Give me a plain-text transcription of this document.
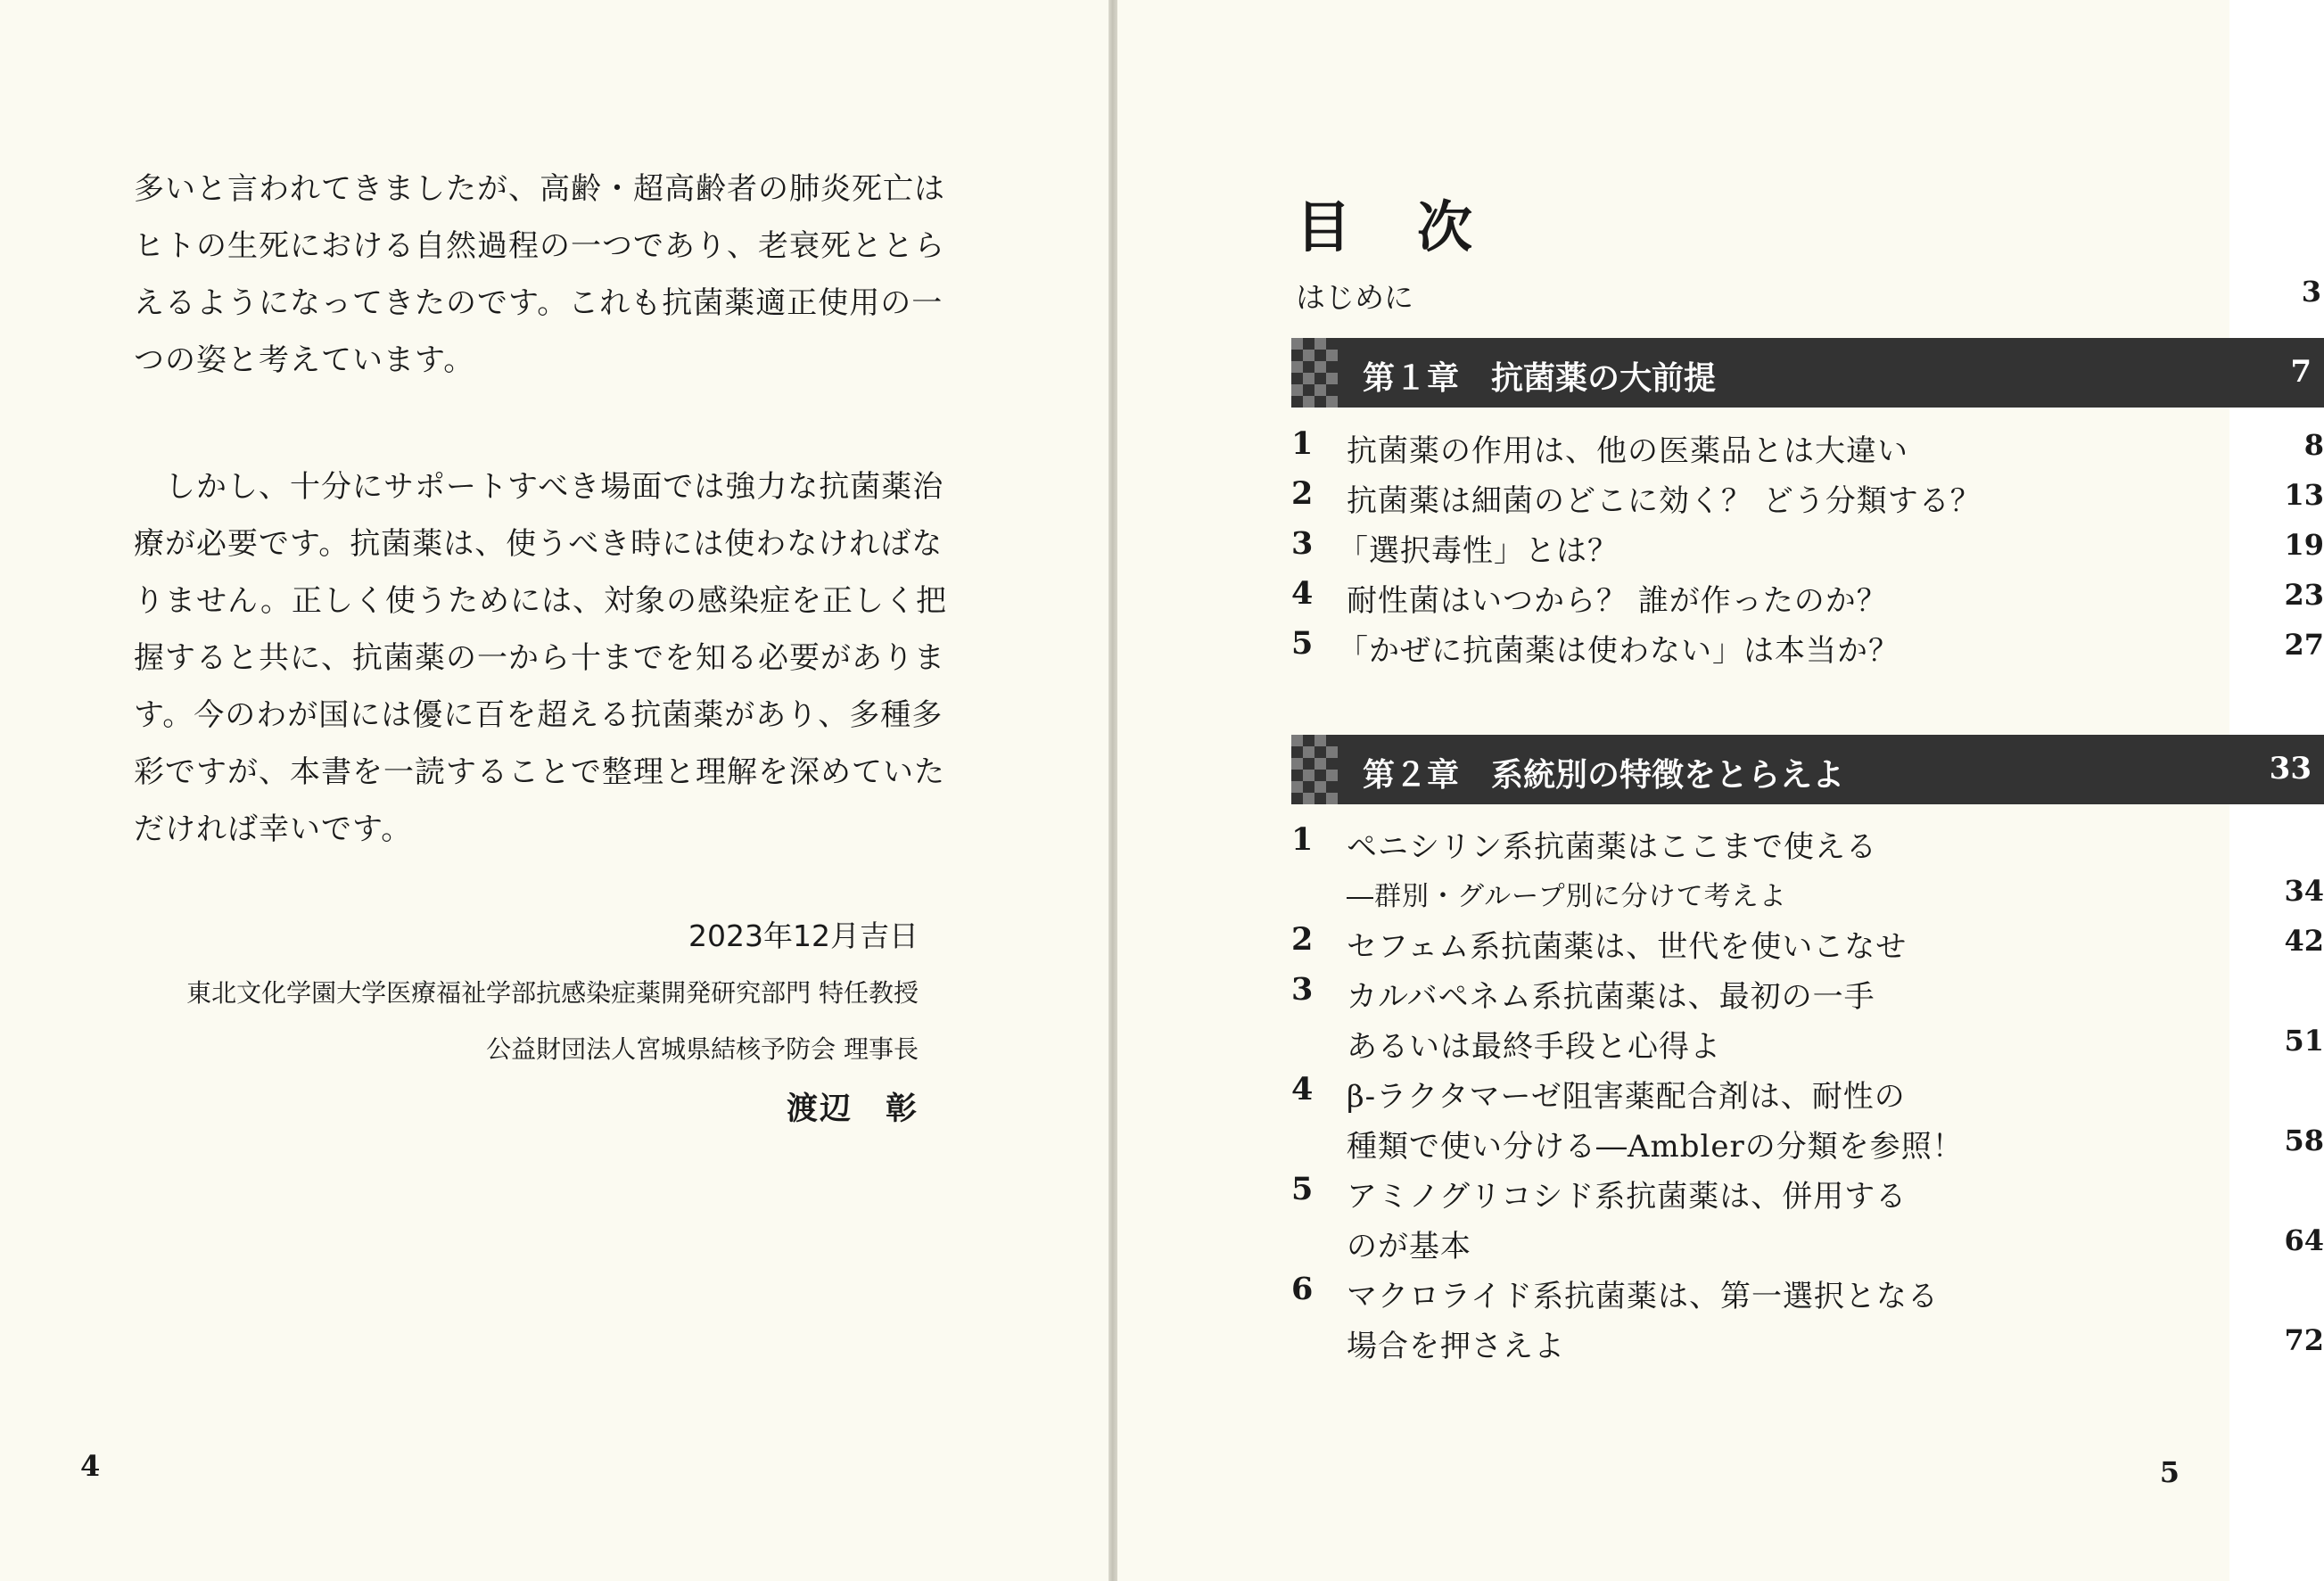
多いと言われてきましたが、高齢・超高齢者の肺炎死亡は

ヒトの生死における自然過程の一つであり、老衰死ととら

えるようになってきたのです。これも抗菌薬適正使用の一

つの姿と考えています。

　しかし、十分にサポートすべき場面では強力な抗菌薬治

療が必要です。抗菌薬は、使うべき時には使わなければな

りません。正しく使うためには、対象の感染症を正しく把

握すると共に、抗菌薬の一から十までを知る必要がありま

す。今のわが国には優に百を超える抗菌薬があり、多種多

彩ですが、本書を一読することで整理と理解を深めていた

だければ幸いです。

2023年12月吉日
東北文化学園大学医療福祉学部抗感染症薬開発研究部門 特任教授
公益財団法人宮城県結核予防会 理事長
渡辺　彰
4
目　次
はじめに	3
第１章　抗菌薬の大前提	7
1	抗菌薬の作用は、他の医薬品とは大違い	8
2	抗菌薬は細菌のどこに効く？ どう分類する？	13
3 「選択毒性」とは？	19
4	耐性菌はいつから？ 誰が作ったのか？	23
5 「かぜに抗菌薬は使わない」は本当か？	27
第２章　系統別の特徴をとらえよ	33
1	ペニシリン系抗菌薬はここまで使える
―群別・グループ別に分けて考えよ	34
2	セフェム系抗菌薬は、世代を使いこなせ	42
3	カルバペネム系抗菌薬は、最初の一手
あるいは最終手段と心得よ	51
4	β-ラクタマーゼ阻害薬配合剤は、耐性の
種類で使い分ける―Amblerの分類を参照！	58
5	アミノグリコシド系抗菌薬は、併用する
のが基本	64
6	マクロライド系抗菌薬は、第一選択となる
場合を押さえよ	72
5
